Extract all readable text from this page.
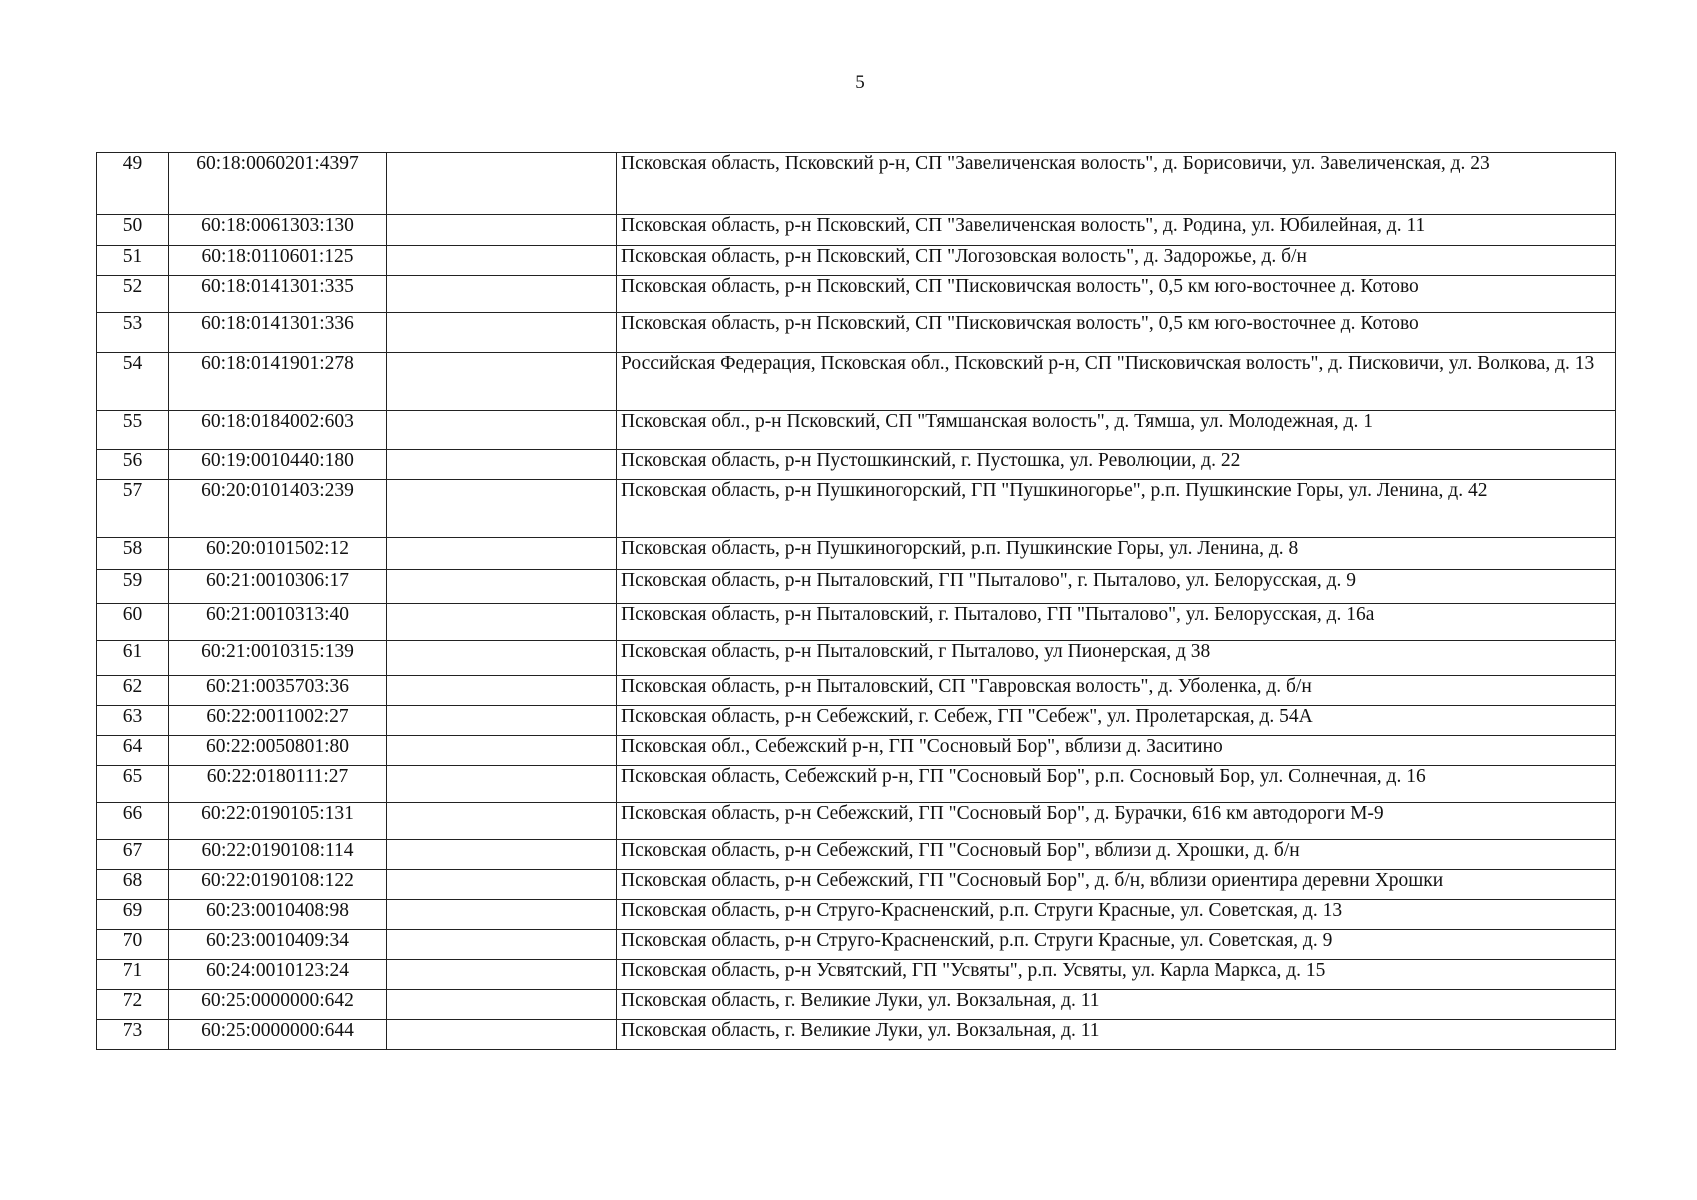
5
49	60:18:0060201:4397		Псковская область, Псковский р-н, СП "Завеличенская волость", д. Борисовичи, ул. Завеличенская, д. 23
50	60:18:0061303:130		Псковская область, р-н Псковский, СП "Завеличенская волость", д. Родина, ул. Юбилейная, д. 11
51	60:18:0110601:125		Псковская область, р-н Псковский, СП "Логозовская волость", д. Задорожье, д. б/н
52	60:18:0141301:335		Псковская область, р-н Псковский, СП "Писковичская волость", 0,5 км юго-восточнее д. Котово
53	60:18:0141301:336		Псковская область, р-н Псковский, СП "Писковичская волость", 0,5 км юго-восточнее д. Котово
54	60:18:0141901:278		Российская Федерация, Псковская обл., Псковский р-н, СП "Писковичская волость", д. Писковичи, ул. Волкова, д. 13
55	60:18:0184002:603		Псковская обл., р-н Псковский, СП "Тямшанская волость", д. Тямша, ул. Молодежная, д. 1
56	60:19:0010440:180		Псковская область, р-н Пустошкинский, г. Пустошка, ул. Революции, д. 22
57	60:20:0101403:239		Псковская область, р-н Пушкиногорский, ГП "Пушкиногорье", р.п. Пушкинские Горы, ул. Ленина, д. 42
58	60:20:0101502:12		Псковская область, р-н Пушкиногорский, р.п. Пушкинские Горы, ул. Ленина, д. 8
59	60:21:0010306:17		Псковская область, р-н Пыталовский, ГП "Пыталово", г. Пыталово, ул. Белорусская, д. 9
60	60:21:0010313:40		Псковская область, р-н Пыталовский, г. Пыталово, ГП "Пыталово", ул. Белорусская, д. 16а
61	60:21:0010315:139		Псковская область, р-н Пыталовский, г Пыталово, ул Пионерская, д 38
62	60:21:0035703:36		Псковская область, р-н Пыталовский, СП "Гавровская волость", д. Уболенка, д. б/н
63	60:22:0011002:27		Псковская область, р-н Себежский, г. Себеж, ГП "Себеж", ул. Пролетарская, д. 54А
64	60:22:0050801:80		Псковская обл., Себежский р-н, ГП "Сосновый Бор", вблизи д. Заситино
65	60:22:0180111:27		Псковская область, Себежский р-н, ГП "Сосновый Бор", р.п. Сосновый Бор, ул. Солнечная, д. 16
66	60:22:0190105:131		Псковская область, р-н Себежский, ГП "Сосновый Бор", д. Бурачки, 616 км автодороги М-9
67	60:22:0190108:114		Псковская область, р-н Себежский, ГП "Сосновый Бор", вблизи д. Хрошки, д. б/н
68	60:22:0190108:122		Псковская область, р-н Себежский, ГП "Сосновый Бор", д. б/н, вблизи ориентира деревни Хрошки
69	60:23:0010408:98		Псковская область, р-н Струго-Красненский, р.п. Струги Красные, ул. Советская, д. 13
70	60:23:0010409:34		Псковская область, р-н Струго-Красненский, р.п. Струги Красные, ул. Советская, д. 9
71	60:24:0010123:24		Псковская область, р-н Усвятский, ГП "Усвяты", р.п. Усвяты, ул. Карла Маркса, д. 15
72	60:25:0000000:642		Псковская область, г. Великие Луки, ул. Вокзальная, д. 11
73	60:25:0000000:644		Псковская область, г. Великие Луки, ул. Вокзальная, д. 11
